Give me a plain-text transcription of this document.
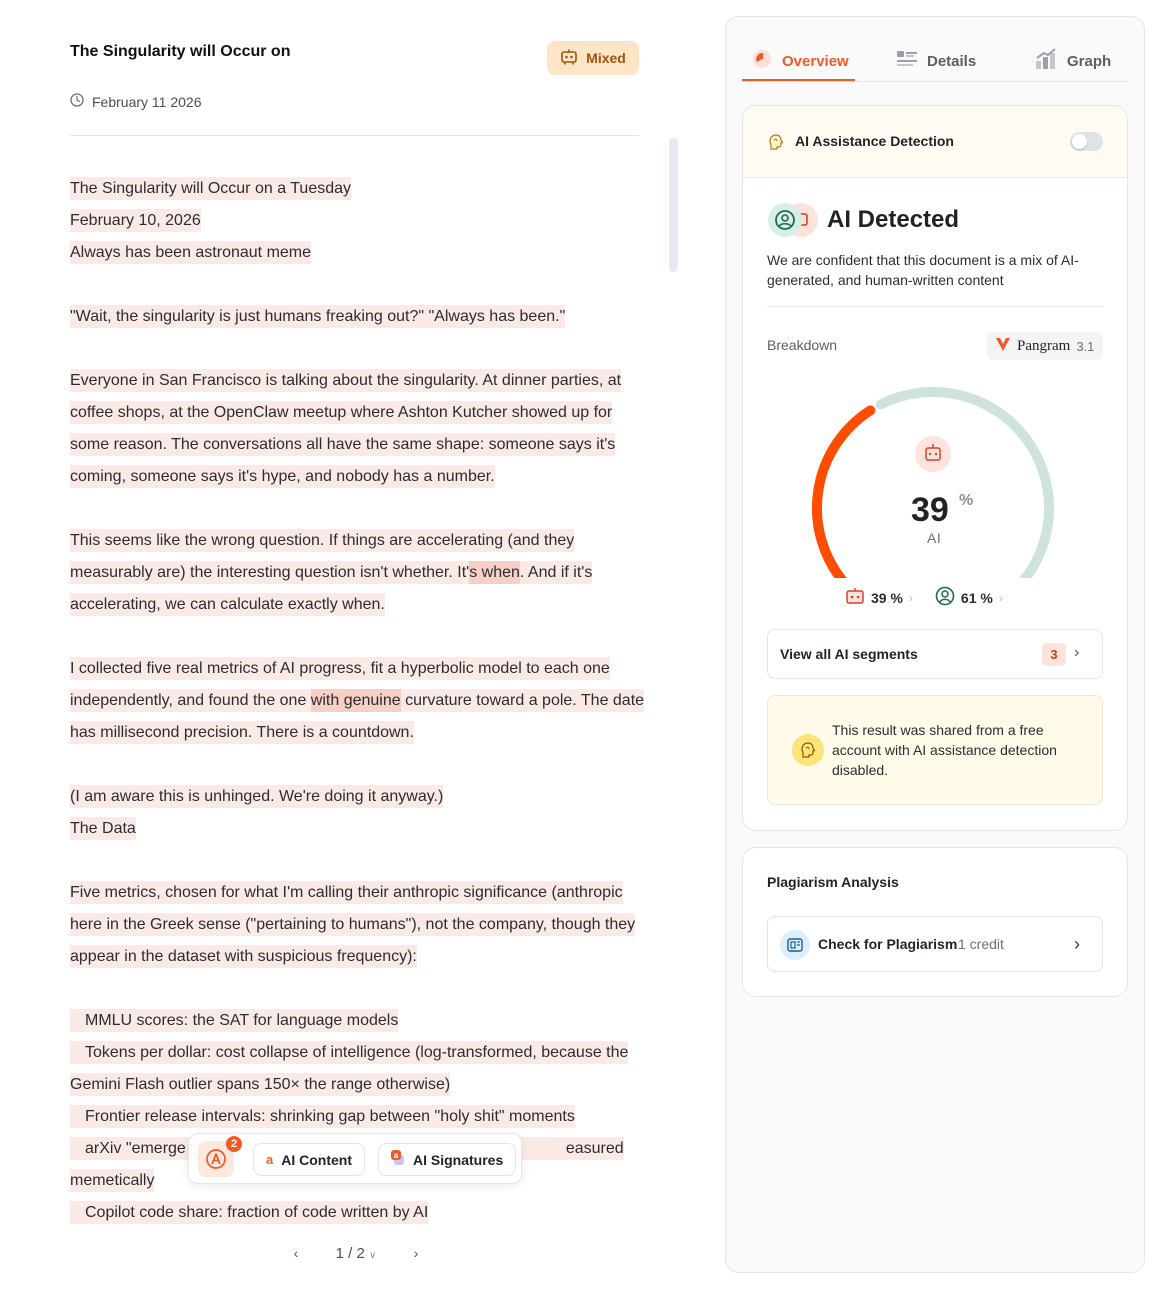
The Singularity will Occur on	Mixed
February 11 2026

The Singularity will Occur on a Tuesday

February 10, 2026

Always has been astronaut meme

"Wait, the singularity is just humans freaking out?" "Always has been."

Everyone in San Francisco is talking about the singularity. At dinner parties, at coffee shops, at the OpenClaw meetup where Ashton Kutcher showed up for some reason. The conversations all have the same shape: someone says it's coming, someone says it's hype, and nobody has a number.

This seems like the wrong question. If things are accelerating (and they measurably are) the interesting question isn't whether. It's when. And if it's accelerating, we can calculate exactly when.

I collected five real metrics of AI progress, fit a hyperbolic model to each one independently, and found the one with genuine curvature toward a pole. The date has millisecond precision. There is a countdown.

(I am aware this is unhinged. We're doing it anyway.)

The Data

Five metrics, chosen for what I'm calling their anthropic significance (anthropic here in the Greek sense ("pertaining to humans"), not the company, though they appear in the dataset with suspicious frequency):

MMLU scores: the SAT for language models

Tokens per dollar: cost collapse of intelligence (log-transformed, because the Gemini Flash outlier spans 150× the range otherwise)

Frontier release intervals: shrinking gap between "holy shit" moments

arXiv "emerge	easured

memetically

Copilot code share: fraction of code written by AI

2
a AI Content	a AI Signatures
‹	1 / 2 ∨	›
Overview	Details	Graph
AI Assistance Detection
AI Detected
We are confident that this document is a mix of AI-generated, and human-written content
Breakdown	Pangram 3.1
39 %
AI
39 % ›	61 % ›
View all AI segments	3	›
This result was shared from a free account with AI assistance detection disabled.
Plagiarism Analysis
Check for Plagiarism 1 credit	›
